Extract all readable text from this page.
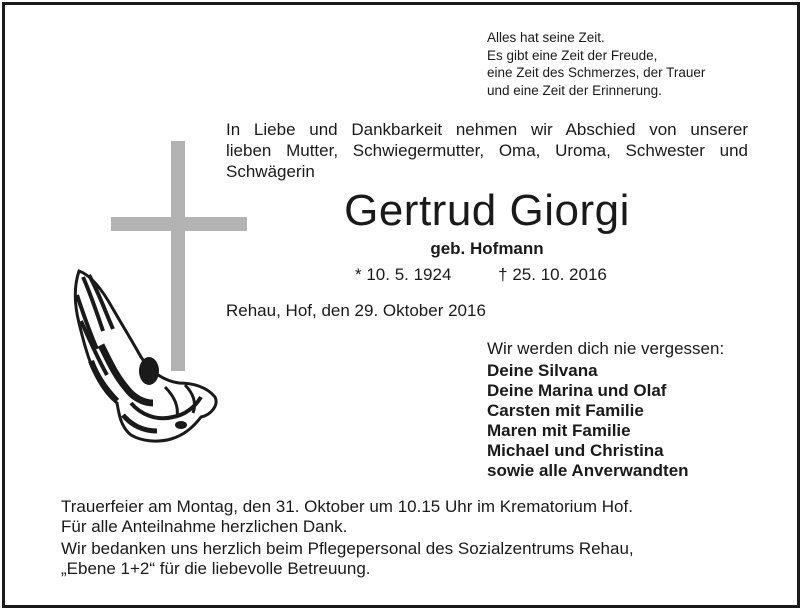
Alles hat seine Zeit.
Es gibt eine Zeit der Freude,
eine Zeit des Schmerzes, der Trauer
und eine Zeit der Erinnerung.
In Liebe und Dankbarkeit nehmen wir Abschied von unserer
lieben Mutter, Schwiegermutter, Oma, Uroma, Schwester und
Schwägerin
Gertrud Giorgi
geb. Hofmann
* 10. 5. 1924	† 25. 10. 2016
Rehau, Hof, den 29. Oktober 2016
Wir werden dich nie vergessen:
Deine Silvana
Deine Marina und Olaf
Carsten mit Familie
Maren mit Familie
Michael und Christina
sowie alle Anverwandten
Trauerfeier am Montag, den 31. Oktober um 10.15 Uhr im Krematorium Hof.
Für alle Anteilnahme herzlichen Dank.
Wir bedanken uns herzlich beim Pflegepersonal des Sozialzentrums Rehau,
„Ebene 1+2“ für die liebevolle Betreuung.
